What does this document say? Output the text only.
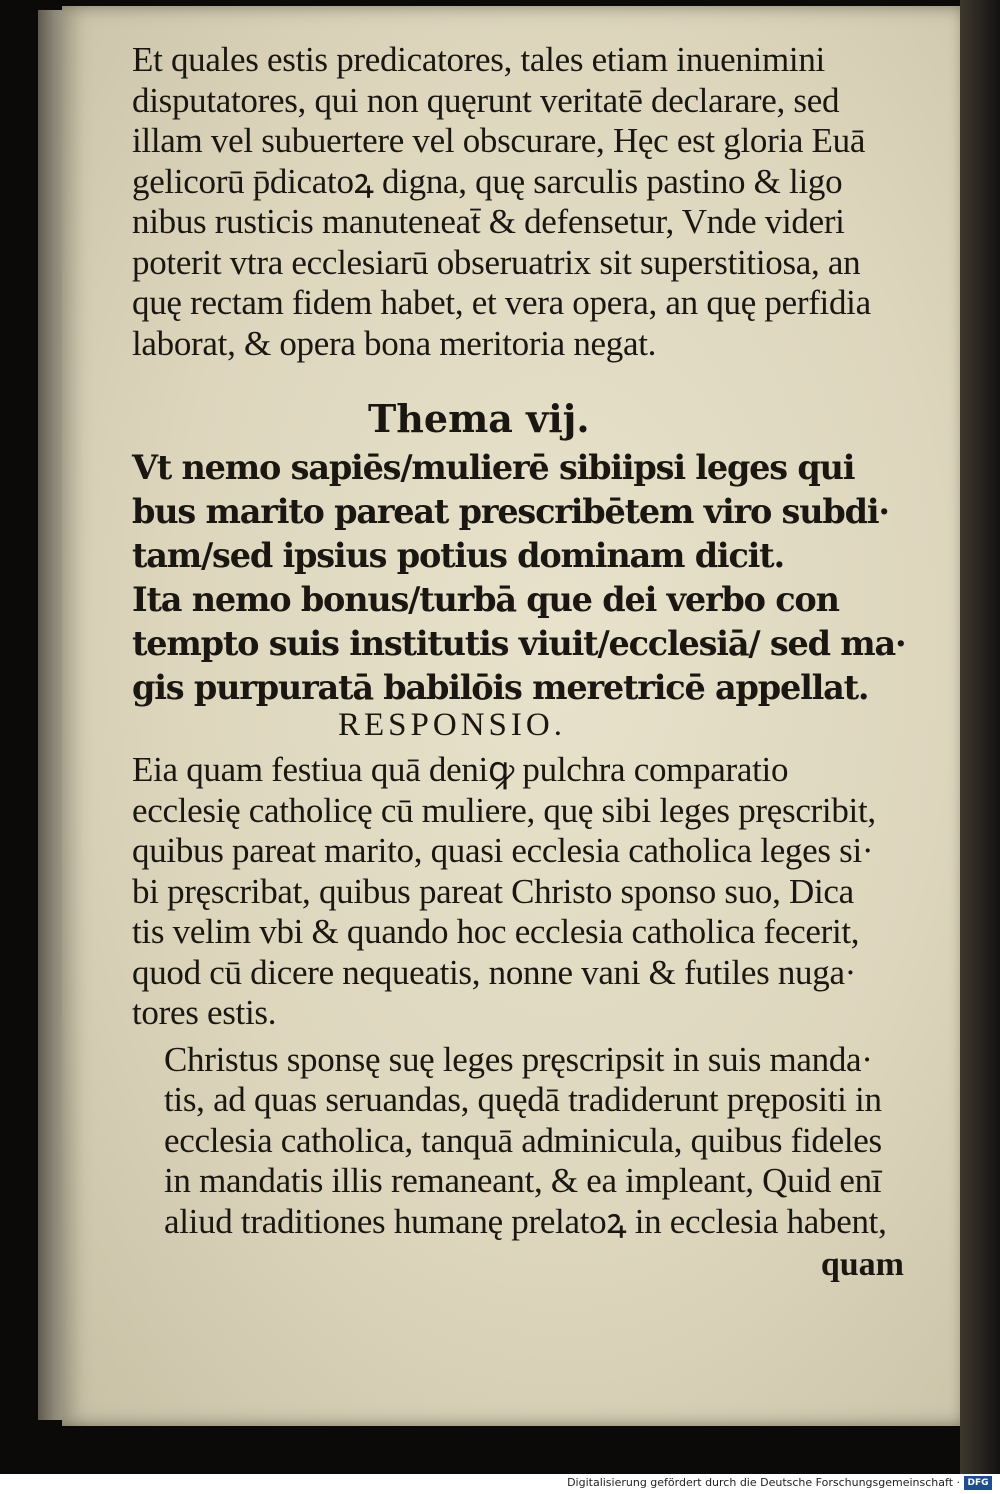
Et quales estis predicatores, tales etiam inuenimini
disputatores, qui non quęrunt veritatē declarare, sed
illam vel subuertere vel obscurare, Hęc est gloria Euā
gelicorū p̄dicatoꝝ digna, quę sarculis pastino & ligo
nibus rusticis manuteneat̄ & defensetur, Vnde videri
poterit vtra ecclesiarū obseruatrix sit superstitiosa, an
quę rectam fidem habet, et vera opera, an quę perfidia
laborat, & opera bona meritoria negat.
Thema vij.
Vt nemo sapiēs/mulierē sibiipsi leges qui
bus marito pareat prescribētem viro subdi·
tam/sed ipsius potius dominam dicit.
Ita nemo bonus/turbā que dei verbo con
tempto suis institutis viuit/ecclesiā/ sed ma·
gis purpuratā babilōis meretricē appellat.
RESPONSIO.
Eia quam festiua quā deniꝙ pulchra comparatio
ecclesię catholicę cū muliere, quę sibi leges pręscribit,
quibus pareat marito, quasi ecclesia catholica leges si·
bi pręscribat, quibus pareat Christo sponso suo, Dica
tis velim vbi & quando hoc ecclesia catholica fecerit,
quod cū dicere nequeatis, nonne vani & futiles nuga·
tores estis.
Christus sponsę suę leges pręscripsit in suis manda·
tis, ad quas seruandas, quędā tradiderunt prępositi in
ecclesia catholica, tanquā adminicula, quibus fideles
in mandatis illis remaneant, & ea impleant, Quid enī
aliud traditiones humanę prelatoꝝ in ecclesia habent,
quam
Digitalisierung gefördert durch die Deutsche Forschungsgemeinschaft · DFG
